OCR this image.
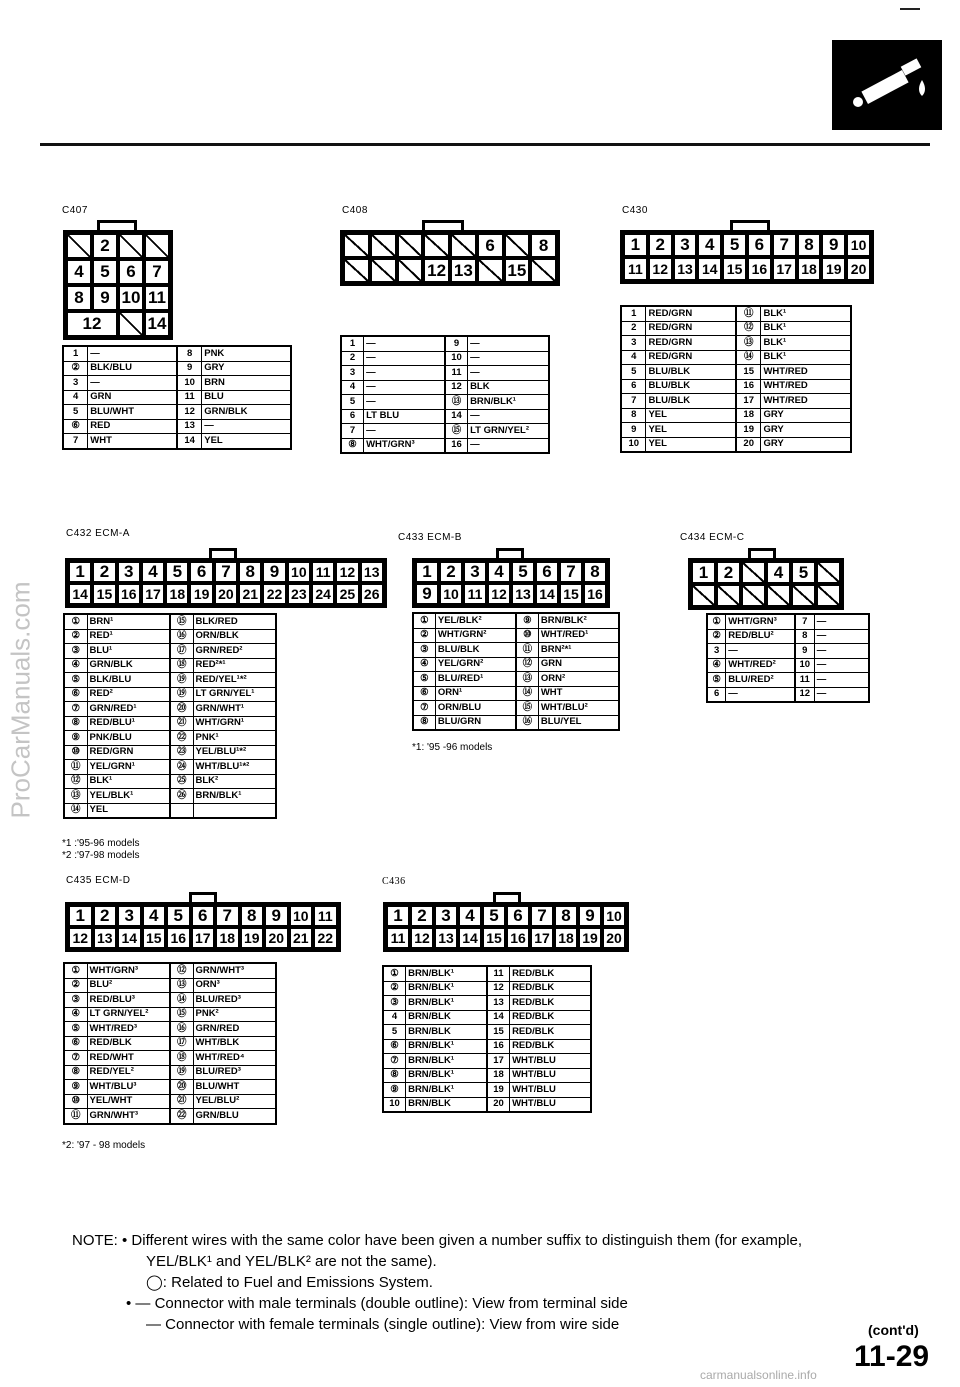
ProCarManuals.com
C407
2
4 5 6 7
8 9 10 11
12	14
1	—	8	PNK
②	BLK/BLU	9	GRY
3	—	10	BRN
4	GRN	11	BLU
5	BLU/WHT	12	GRN/BLK
⑥	RED	13	—
7	WHT	14	YEL
C408
6	8
12 13 15
1	—	9	—
2	—	10	—
3	—	11	—
4	—	12	BLK
5	—	⑬	BRN/BLK¹
6	LT BLU	14	—
7	—	⑮	LT GRN/YEL²
⑧	WHT/GRN³	16	—
C430
1 2 3 4 5 6 7 8 9 10
11 12 13 14 15 16 17 18 19 20
1	RED/GRN	⑪	BLK¹
2	RED/GRN	⑫	BLK¹
3	RED/GRN	⑬	BLK¹
4	RED/GRN	⑭	BLK¹
5	BLU/BLK	15	WHT/RED
6	BLU/BLK	16	WHT/RED
7	BLU/BLK	17	WHT/RED
8	YEL	18	GRY
9	YEL	19	GRY
10	YEL	20	GRY
C432 ECM-A
1 2 3 4 5 6 7 8 9 10 11 12 13
14 15 16 17 18 19 20 21 22 23 24 25 26
①	BRN¹	⑮	BLK/RED
②	RED¹	⑯	ORN/BLK
③	BLU¹	⑰	GRN/RED²
④	GRN/BLK	⑱	RED²*¹
⑤	BLK/BLU	⑲	RED/YEL¹*²
⑥	RED²	⑲	LT GRN/YEL¹
⑦	GRN/RED¹	⑳	GRN/WHT¹
⑧	RED/BLU¹	㉑	WHT/GRN¹
⑨	PNK/BLU	㉒	PNK¹
⑩	RED/GRN	㉓	YEL/BLU¹*²
⑪	YEL/GRN¹	㉔	WHT/BLU¹*²
⑫	BLK¹	㉕	BLK²
⑬	YEL/BLK¹	㉖	BRN/BLK¹
⑭	YEL		
*1 :'95-96 models
*2 :'97-98 models
C433 ECM-B
1 2 3 4 5 6 7 8
9 10 11 12 13 14 15 16
①	YEL/BLK²	⑨	BRN/BLK²
②	WHT/GRN²	⑩	WHT/RED¹
③	BLU/BLK	⑪	BRN²*¹
④	YEL/GRN²	⑫	GRN
⑤	BLU/RED¹	⑬	ORN²
⑥	ORN¹	⑭	WHT
⑦	ORN/BLU	⑮	WHT/BLU²
⑧	BLU/GRN	⑯	BLU/YEL
*1: '95 -96 models
C434 ECM-C
1 2	4 5
①	WHT/GRN³	7	—
②	RED/BLU²	8	—
3	—	9	—
④	WHT/RED²	10	—
⑤	BLU/RED²	11	—
6	—	12	—
C435 ECM-D
1 2 3 4 5 6 7 8 9 10 11
12 13 14 15 16 17 18 19 20 21 22
①	WHT/GRN³	⑫	GRN/WHT³
②	BLU²	⑬	ORN³
③	RED/BLU³	⑭	BLU/RED³
④	LT GRN/YEL²	⑮	PNK²
⑤	WHT/RED³	⑯	GRN/RED
⑥	RED/BLK	⑰	WHT/BLK
⑦	RED/WHT	⑱	WHT/RED⁴
⑧	RED/YEL²	⑲	BLU/RED³
⑨	WHT/BLU³	⑳	BLU/WHT
⑩	YEL/WHT	㉑	YEL/BLU²
⑪	GRN/WHT³	㉒	GRN/BLU
*2: '97 - 98 models
C436
1 2 3 4 5 6 7 8 9 10
11 12 13 14 15 16 17 18 19 20
①	BRN/BLK¹	11	RED/BLK
②	BRN/BLK¹	12	RED/BLK
③	BRN/BLK¹	13	RED/BLK
4	BRN/BLK	14	RED/BLK
5	BRN/BLK	15	RED/BLK
⑥	BRN/BLK¹	16	RED/BLK
⑦	BRN/BLK¹	17	WHT/BLU
⑧	BRN/BLK¹	18	WHT/BLU
⑨	BRN/BLK¹	19	WHT/BLU
10	BRN/BLK	20	WHT/BLU
NOTE: • Different wires with the same color have been given a number suffix to distinguish them (for example,
YEL/BLK¹ and YEL/BLK² are not the same).
◯: Related to Fuel and Emissions System.
• — Connector with male terminals (double outline): View from terminal side
— Connector with female terminals (single outline): View from wire side	(cont'd)
11-29
carmanualsonline.info
